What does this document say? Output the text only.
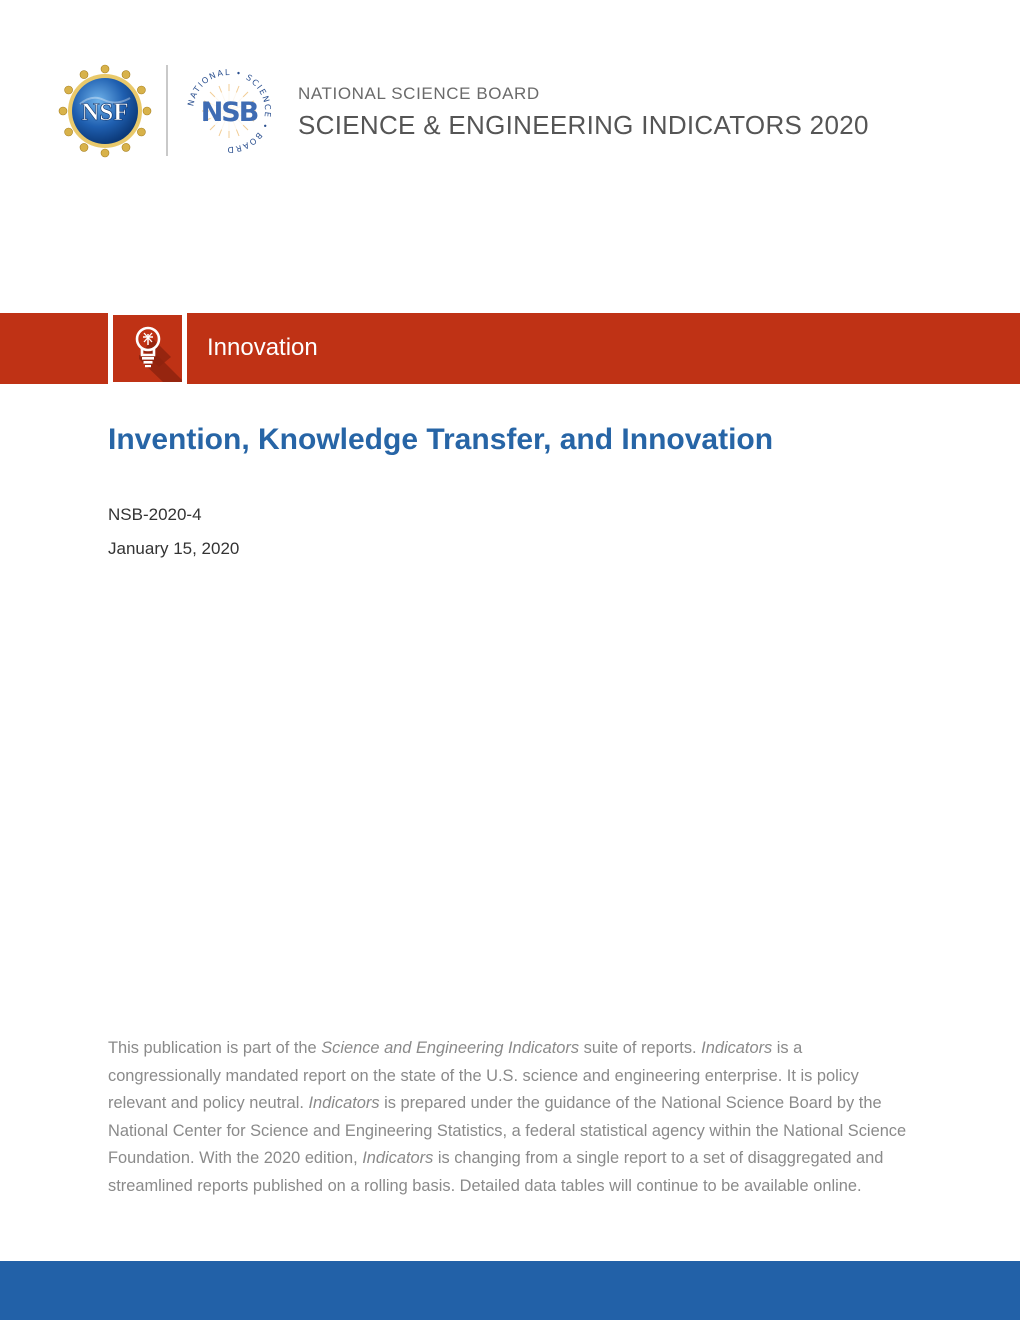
NSF	NATIONAL • SCIENCE • BOARD
NSB
NATIONAL SCIENCE BOARD
SCIENCE & ENGINEERING INDICATORS 2020
Innovation
Invention, Knowledge Transfer, and Innovation
NSB-2020-4
January 15, 2020

This publication is part of the Science and Engineering Indicators suite of reports. Indicators is a congressionally mandated report on the state of the U.S. science and engineering enterprise. It is policy relevant and policy neutral. Indicators is prepared under the guidance of the National Science Board by the National Center for Science and Engineering Statistics, a federal statistical agency within the National Science Foundation. With the 2020 edition, Indicators is changing from a single report to a set of disaggregated and streamlined reports published on a rolling basis. Detailed data tables will continue to be available online.
